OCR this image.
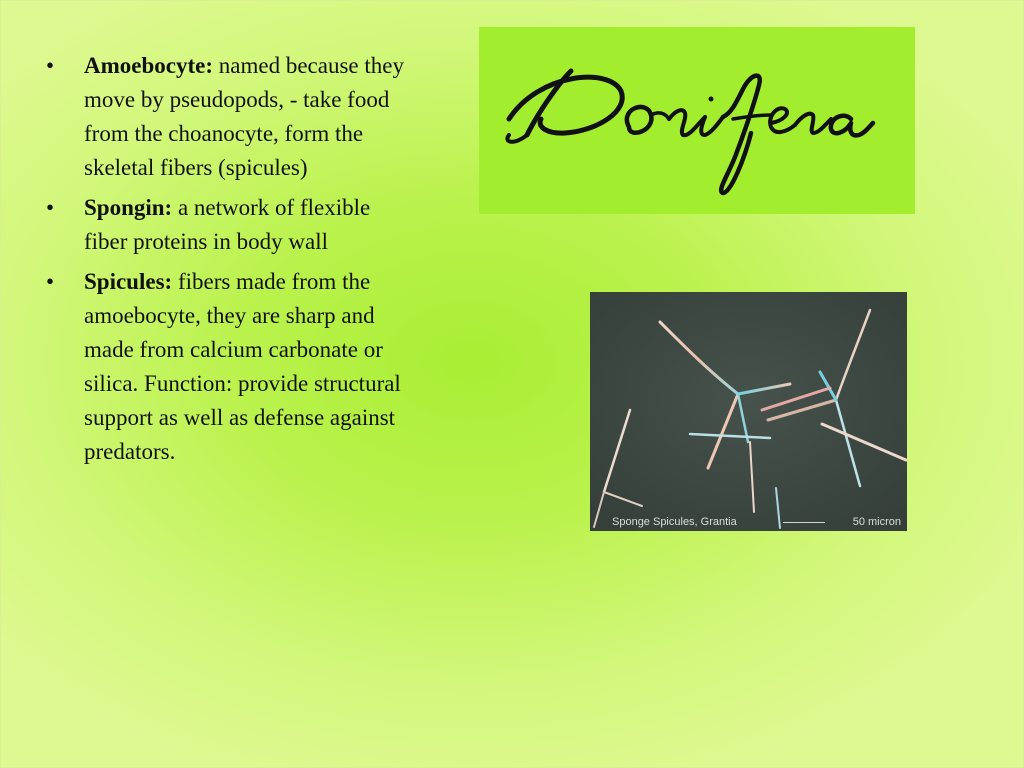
• Amoebocyte: named because they move by pseudopods, - take food from the choanocyte, form the skeletal fibers (spicules)
• Spongin: a network of flexible fiber proteins in body wall
• Spicules: fibers made from the amoebocyte, they are sharp and made from calcium carbonate or silica. Function: provide structural support as well as defense against predators.
Sponge Spicules, Grantia	50 micron
